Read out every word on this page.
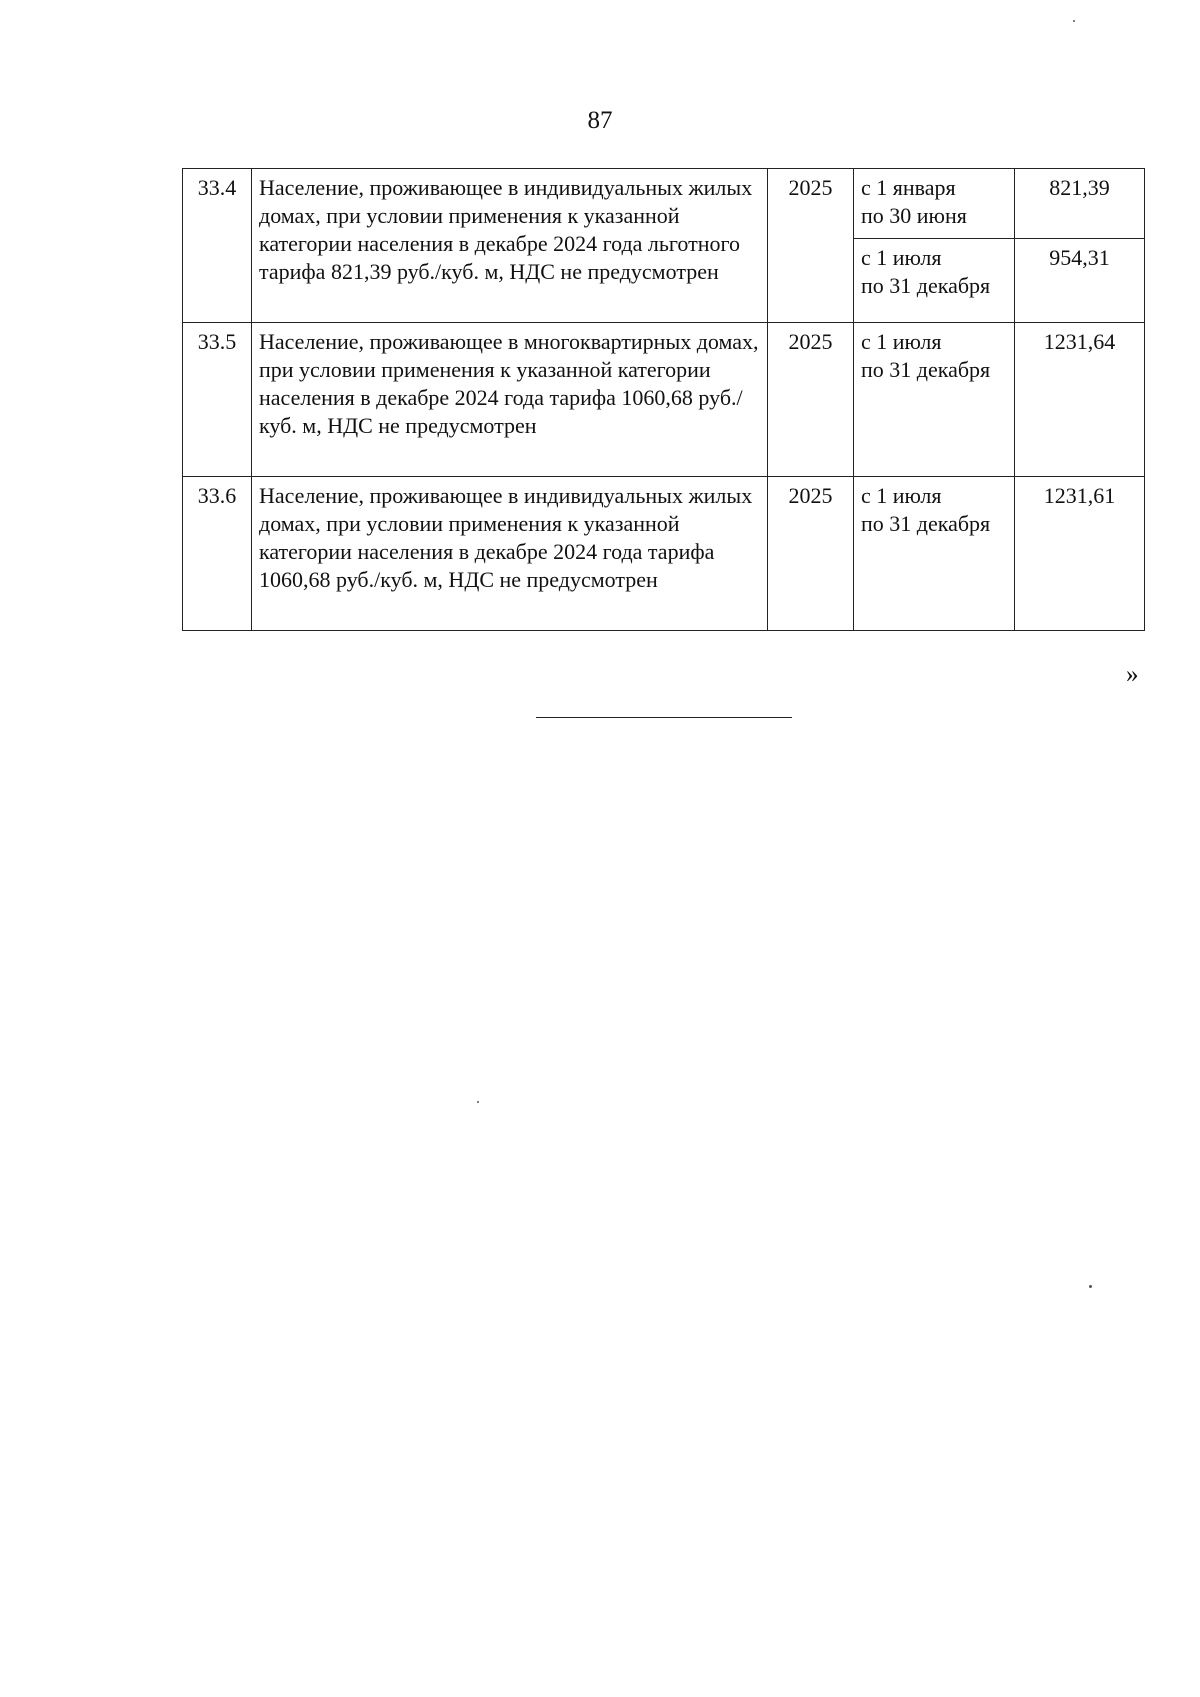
87
33.4	Население, проживающее в индивидуальных жилых домах, при условии применения к указанной категории населения в декабре 2024 года льготного тарифа 821,39 руб./куб. м, НДС не предусмотрен	2025	с 1 января
по 30 июня	821,39

			с 1 июля
по 31 декабря	954,31
33.5	Население, проживающее в многоквартирных домах, при условии применения к указанной категории населения в декабре 2024 года тарифа 1060,68 руб./куб. м, НДС не предусмотрен	2025	с 1 июля
по 31 декабря	1231,64
33.6	Население, проживающее в индивидуальных жилых домах, при условии применения к указанной категории населения в декабре 2024 года тарифа 1060,68 руб./куб. м, НДС не предусмотрен	2025	с 1 июля
по 31 декабря	1231,61
»
